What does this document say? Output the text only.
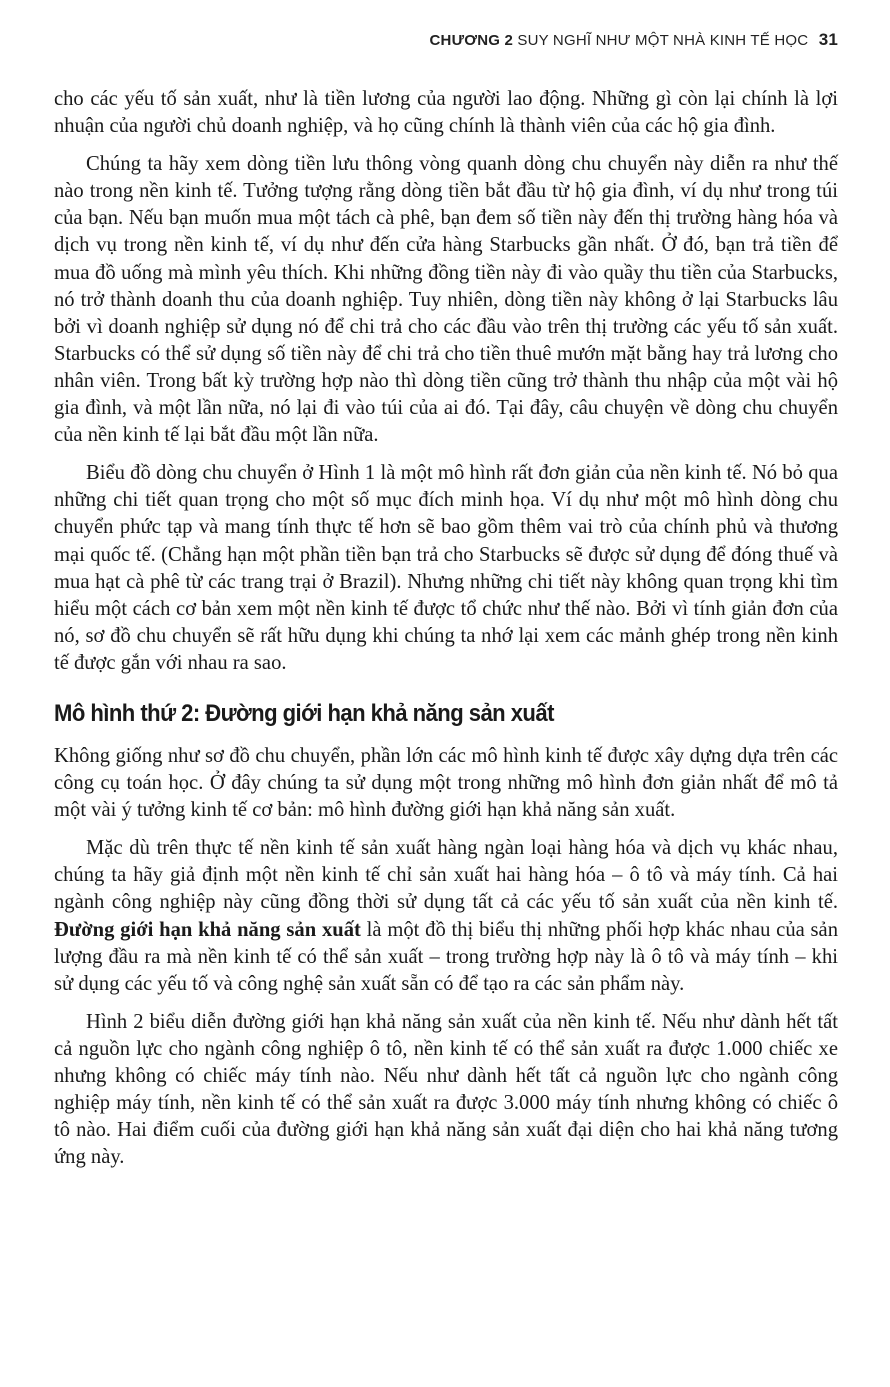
CHƯƠNG 2 SUY NGHĨ NHƯ MỘT NHÀ KINH TẾ HỌC 31

cho các yếu tố sản xuất, như là tiền lương của người lao động. Những gì còn lại chính là lợi nhuận của người chủ doanh nghiệp, và họ cũng chính là thành viên của các hộ gia đình.

Chúng ta hãy xem dòng tiền lưu thông vòng quanh dòng chu chuyển này diễn ra như thế nào trong nền kinh tế. Tưởng tượng rằng dòng tiền bắt đầu từ hộ gia đình, ví dụ như trong túi của bạn. Nếu bạn muốn mua một tách cà phê, bạn đem số tiền này đến thị trường hàng hóa và dịch vụ trong nền kinh tế, ví dụ như đến cửa hàng Starbucks gần nhất. Ở đó, bạn trả tiền để mua đồ uống mà mình yêu thích. Khi những đồng tiền này đi vào quầy thu tiền của Starbucks, nó trở thành doanh thu của doanh nghiệp. Tuy nhiên, dòng tiền này không ở lại Starbucks lâu bởi vì doanh nghiệp sử dụng nó để chi trả cho các đầu vào trên thị trường các yếu tố sản xuất. Starbucks có thể sử dụng số tiền này để chi trả cho tiền thuê mướn mặt bằng hay trả lương cho nhân viên. Trong bất kỳ trường hợp nào thì dòng tiền cũng trở thành thu nhập của một vài hộ gia đình, và một lần nữa, nó lại đi vào túi của ai đó. Tại đây, câu chuyện về dòng chu chuyển của nền kinh tế lại bắt đầu một lần nữa.

Biểu đồ dòng chu chuyển ở Hình 1 là một mô hình rất đơn giản của nền kinh tế. Nó bỏ qua những chi tiết quan trọng cho một số mục đích minh họa. Ví dụ như một mô hình dòng chu chuyển phức tạp và mang tính thực tế hơn sẽ bao gồm thêm vai trò của chính phủ và thương mại quốc tế. (Chẳng hạn một phần tiền bạn trả cho Starbucks sẽ được sử dụng để đóng thuế và mua hạt cà phê từ các trang trại ở Brazil). Nhưng những chi tiết này không quan trọng khi tìm hiểu một cách cơ bản xem một nền kinh tế được tổ chức như thế nào. Bởi vì tính giản đơn của nó, sơ đồ chu chuyển sẽ rất hữu dụng khi chúng ta nhớ lại xem các mảnh ghép trong nền kinh tế được gắn với nhau ra sao.

Mô hình thứ 2: Đường giới hạn khả năng sản xuất

Không giống như sơ đồ chu chuyển, phần lớn các mô hình kinh tế được xây dựng dựa trên các công cụ toán học. Ở đây chúng ta sử dụng một trong những mô hình đơn giản nhất để mô tả một vài ý tưởng kinh tế cơ bản: mô hình đường giới hạn khả năng sản xuất.

Mặc dù trên thực tế nền kinh tế sản xuất hàng ngàn loại hàng hóa và dịch vụ khác nhau, chúng ta hãy giả định một nền kinh tế chỉ sản xuất hai hàng hóa – ô tô và máy tính. Cả hai ngành công nghiệp này cũng đồng thời sử dụng tất cả các yếu tố sản xuất của nền kinh tế. Đường giới hạn khả năng sản xuất là một đồ thị biểu thị những phối hợp khác nhau của sản lượng đầu ra mà nền kinh tế có thể sản xuất – trong trường hợp này là ô tô và máy tính – khi sử dụng các yếu tố và công nghệ sản xuất sẵn có để tạo ra các sản phẩm này.

Hình 2 biểu diễn đường giới hạn khả năng sản xuất của nền kinh tế. Nếu như dành hết tất cả nguồn lực cho ngành công nghiệp ô tô, nền kinh tế có thể sản xuất ra được 1.000 chiếc xe nhưng không có chiếc máy tính nào. Nếu như dành hết tất cả nguồn lực cho ngành công nghiệp máy tính, nền kinh tế có thể sản xuất ra được 3.000 máy tính nhưng không có chiếc ô tô nào. Hai điểm cuối của đường giới hạn khả năng sản xuất đại diện cho hai khả năng tương ứng này.
